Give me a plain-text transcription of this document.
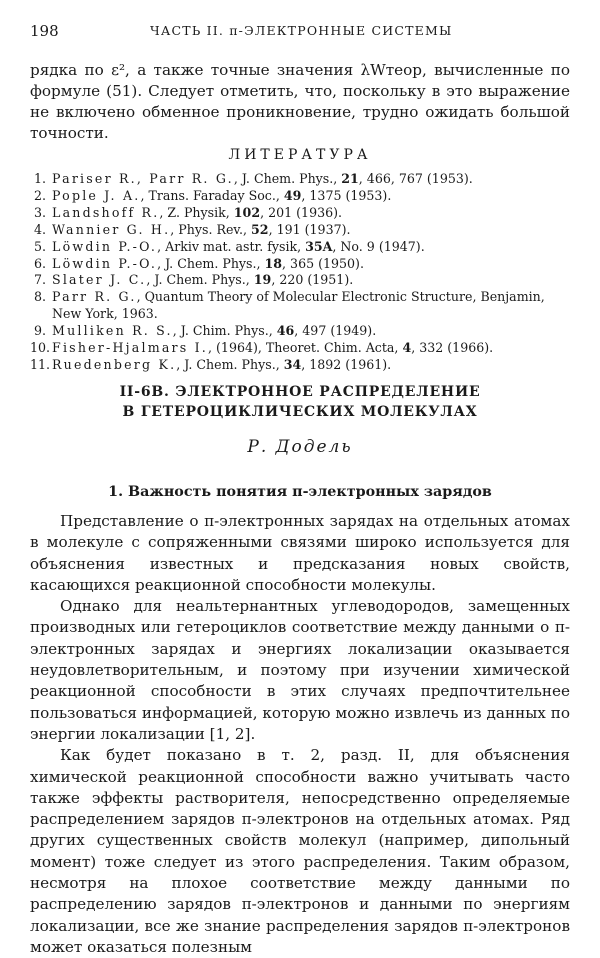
198	ЧАСТЬ II. π-ЭЛЕКТРОННЫЕ СИСТЕМЫ

рядка по ε², а также точные значения λWтеор, вычисленные по формуле (51). Следует отметить, что, поскольку в это выражение не включено обменное проникновение, трудно ожидать большой точности.

ЛИТЕРАТУРА
1. Pariser R., Parr R. G., J. Chem. Phys., 21, 466, 767 (1953).
2. Pople J. A., Trans. Faraday Soc., 49, 1375 (1953).
3. Landshoff R., Z. Physik, 102, 201 (1936).
4. Wannier G. H., Phys. Rev., 52, 191 (1937).
5. Löwdin P.-O., Arkiv mat. astr. fysik, 35A, No. 9 (1947).
6. Löwdin P.-O., J. Chem. Phys., 18, 365 (1950).
7. Slater J. C., J. Chem. Phys., 19, 220 (1951).
8. Parr R. G., Quantum Theory of Molecular Electronic Structure, Benjamin, New York, 1963.
9. Mulliken R. S., J. Chim. Phys., 46, 497 (1949).
10. Fisher-Hjalmars I., (1964), Theoret. Chim. Acta, 4, 332 (1966).
11. Ruedenberg K., J. Chem. Phys., 34, 1892 (1961).
II-6B. ЭЛЕКТРОННОЕ РАСПРЕДЕЛЕНИЕ
В ГЕТЕРОЦИКЛИЧЕСКИХ МОЛЕКУЛАХ
Р. Додель
1. Важность понятия π-электронных зарядов

Представление о π-электронных зарядах на отдельных атомах в молекуле с сопряженными связями широко используется для объяснения известных и предсказания новых свойств, касающихся реакционной способности молекулы.

Однако для неальтернантных углеводородов, замещенных производных или гетероциклов соответствие между данными о π-электронных зарядах и энергиях локализации оказывается неудовлетворительным, и поэтому при изучении химической реакционной способности в этих случаях предпочтительнее пользоваться информацией, которую можно извлечь из данных по энергии локализации [1, 2].

Как будет показано в т. 2, разд. II, для объяснения химической реакционной способности важно учитывать часто также эффекты растворителя, непосредственно определяемые распределением зарядов π-электронов на отдельных атомах. Ряд других существенных свойств молекул (например, дипольный момент) тоже следует из этого распределения. Таким образом, несмотря на плохое соответствие между данными по распределению зарядов π-электронов и данными по энергиям локализации, все же знание распределения зарядов π-электронов может оказаться полезным
